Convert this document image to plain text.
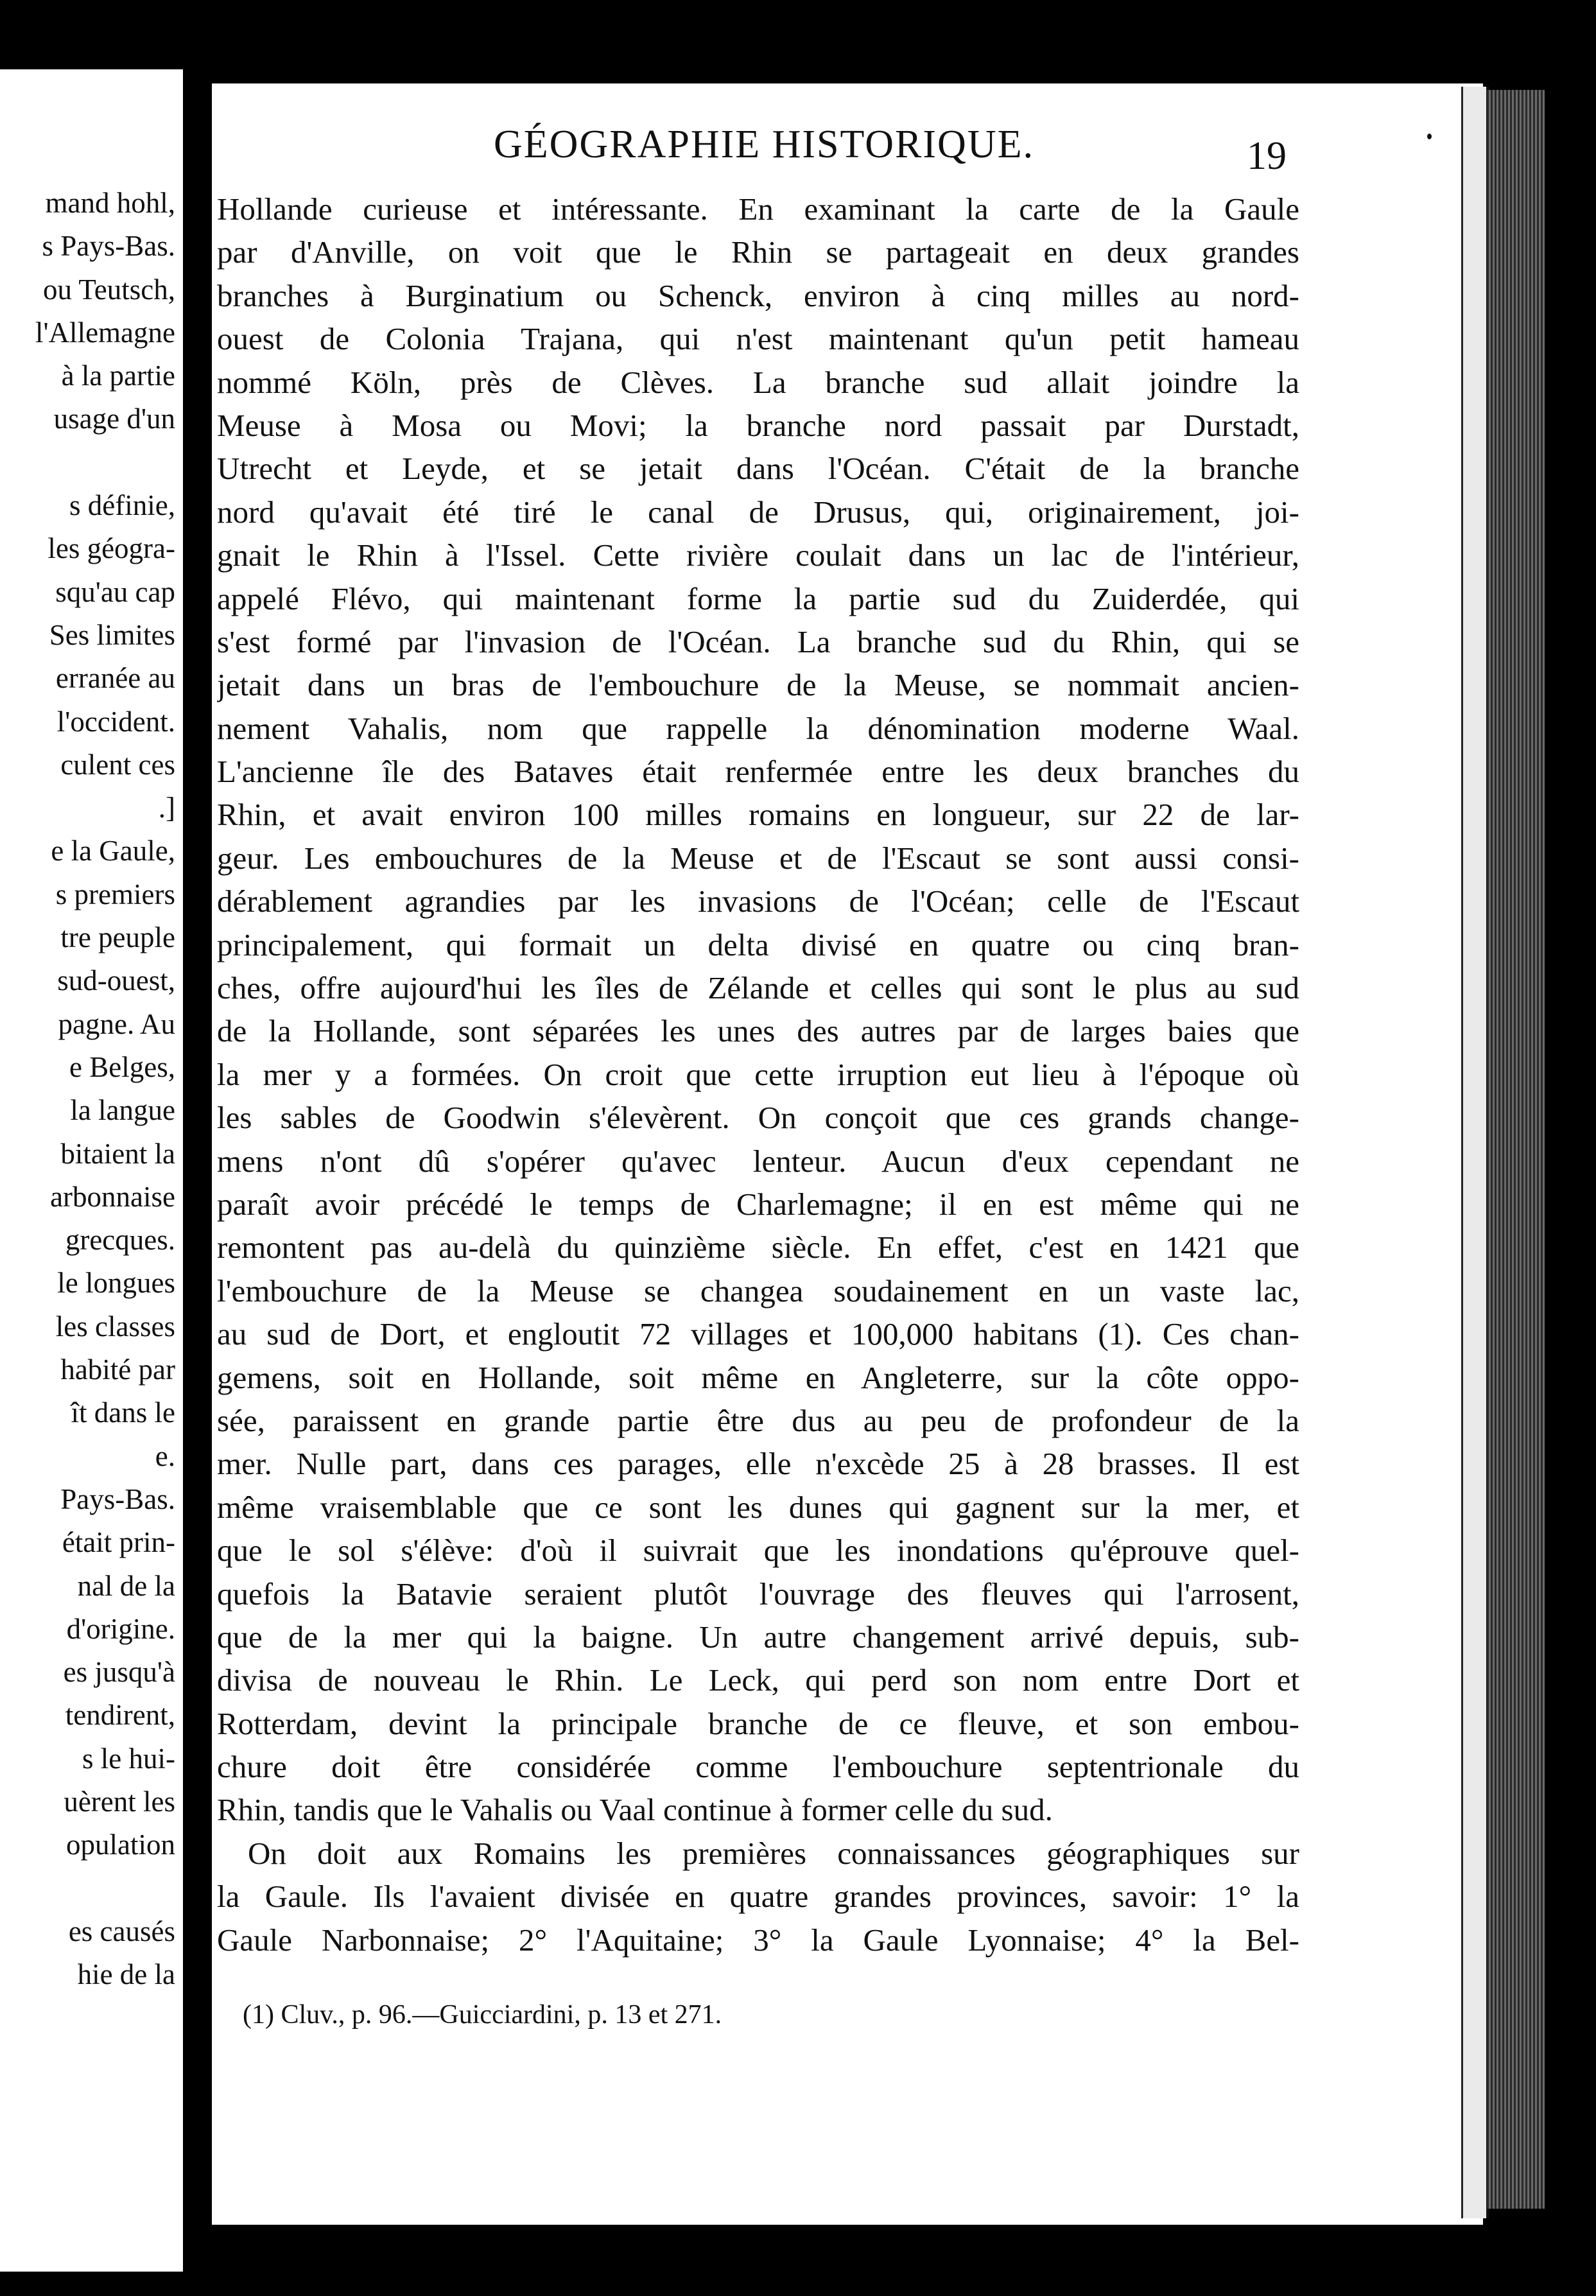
mand hohl,
s Pays-Bas.
ou Teutsch,
l'Allemagne
à la partie
usage d'un
s définie,
les géogra-
squ'au cap
Ses limites
erranée au
l'occident.
culent ces
.]
e la Gaule,
s premiers
tre peuple
sud-ouest,
pagne. Au
e Belges,
la langue
bitaient la
arbonnaise
grecques.
le longues
les classes
habité par
ît dans le
e.
Pays-Bas.
était prin-
nal de la
d'origine.
es jusqu'à
tendirent,
s le hui-
uèrent les
opulation
es causés
hie de la
GÉOGRAPHIE HISTORIQUE.	19
Hollande curieuse et intéressante. En examinant la carte de la Gaule
par d'Anville, on voit que le Rhin se partageait en deux grandes
branches à Burginatium ou Schenck, environ à cinq milles au nord-
ouest de Colonia Trajana, qui n'est maintenant qu'un petit hameau
nommé Köln, près de Clèves. La branche sud allait joindre la
Meuse à Mosa ou Movi; la branche nord passait par Durstadt,
Utrecht et Leyde, et se jetait dans l'Océan. C'était de la branche
nord qu'avait été tiré le canal de Drusus, qui, originairement, joi-
gnait le Rhin à l'Issel. Cette rivière coulait dans un lac de l'intérieur,
appelé Flévo, qui maintenant forme la partie sud du Zuiderdée, qui
s'est formé par l'invasion de l'Océan. La branche sud du Rhin, qui se
jetait dans un bras de l'embouchure de la Meuse, se nommait ancien-
nement Vahalis, nom que rappelle la dénomination moderne Waal.
L'ancienne île des Bataves était renfermée entre les deux branches du
Rhin, et avait environ 100 milles romains en longueur, sur 22 de lar-
geur. Les embouchures de la Meuse et de l'Escaut se sont aussi consi-
dérablement agrandies par les invasions de l'Océan; celle de l'Escaut
principalement, qui formait un delta divisé en quatre ou cinq bran-
ches, offre aujourd'hui les îles de Zélande et celles qui sont le plus au sud
de la Hollande, sont séparées les unes des autres par de larges baies que
la mer y a formées. On croit que cette irruption eut lieu à l'époque où
les sables de Goodwin s'élevèrent. On conçoit que ces grands change-
mens n'ont dû s'opérer qu'avec lenteur. Aucun d'eux cependant ne
paraît avoir précédé le temps de Charlemagne; il en est même qui ne
remontent pas au-delà du quinzième siècle. En effet, c'est en 1421 que
l'embouchure de la Meuse se changea soudainement en un vaste lac,
au sud de Dort, et engloutit 72 villages et 100,000 habitans (1). Ces chan-
gemens, soit en Hollande, soit même en Angleterre, sur la côte oppo-
sée, paraissent en grande partie être dus au peu de profondeur de la
mer. Nulle part, dans ces parages, elle n'excède 25 à 28 brasses. Il est
même vraisemblable que ce sont les dunes qui gagnent sur la mer, et
que le sol s'élève: d'où il suivrait que les inondations qu'éprouve quel-
quefois la Batavie seraient plutôt l'ouvrage des fleuves qui l'arrosent,
que de la mer qui la baigne. Un autre changement arrivé depuis, sub-
divisa de nouveau le Rhin. Le Leck, qui perd son nom entre Dort et
Rotterdam, devint la principale branche de ce fleuve, et son embou-
chure doit être considérée comme l'embouchure septentrionale du
Rhin, tandis que le Vahalis ou Vaal continue à former celle du sud.
On doit aux Romains les premières connaissances géographiques sur
la Gaule. Ils l'avaient divisée en quatre grandes provinces, savoir: 1° la
Gaule Narbonnaise; 2° l'Aquitaine; 3° la Gaule Lyonnaise; 4° la Bel-
(1) Cluv., p. 96.—Guicciardini, p. 13 et 271.
